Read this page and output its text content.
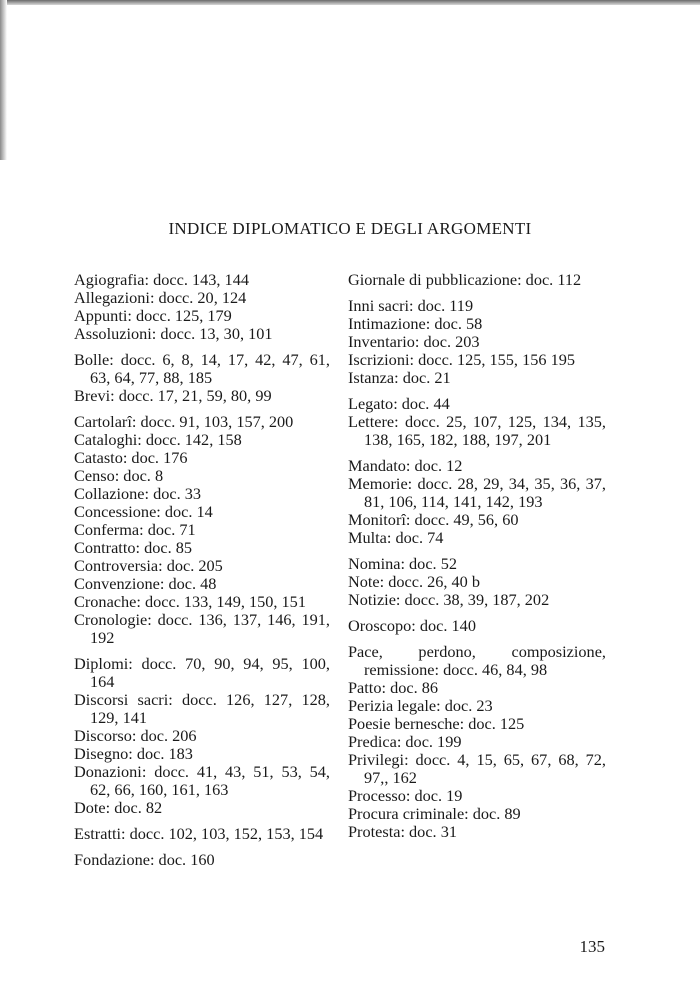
INDICE DIPLOMATICO E DEGLI ARGOMENTI
Agiografia: docc. 143, 144
Allegazioni: docc. 20, 124
Appunti: docc. 125, 179
Assoluzioni: docc. 13, 30, 101
Bolle: docc. 6, 8, 14, 17, 42, 47, 61, 63, 64, 77, 88, 185
Brevi: docc. 17, 21, 59, 80, 99
Cartolarî: docc. 91, 103, 157, 200
Cataloghi: docc. 142, 158
Catasto: doc. 176
Censo: doc. 8
Collazione: doc. 33
Concessione: doc. 14
Conferma: doc. 71
Contratto: doc. 85
Controversia: doc. 205
Convenzione: doc. 48
Cronache: docc. 133, 149, 150, 151
Cronologie: docc. 136, 137, 146, 191, 192
Diplomi: docc. 70, 90, 94, 95, 100, 164
Discorsi sacri: docc. 126, 127, 128, 129, 141
Discorso: doc. 206
Disegno: doc. 183
Donazioni: docc. 41, 43, 51, 53, 54, 62, 66, 160, 161, 163
Dote: doc. 82
Estratti: docc. 102, 103, 152, 153, 154
Fondazione: doc. 160
Giornale di pubblicazione: doc. 112
Inni sacri: doc. 119
Intimazione: doc. 58
Inventario: doc. 203
Iscrizioni: docc. 125, 155, 156 195
Istanza: doc. 21
Legato: doc. 44
Lettere: docc. 25, 107, 125, 134, 135, 138, 165, 182, 188, 197, 201
Mandato: doc. 12
Memorie: docc. 28, 29, 34, 35, 36, 37, 81, 106, 114, 141, 142, 193
Monitorî: docc. 49, 56, 60
Multa: doc. 74
Nomina: doc. 52
Note: docc. 26, 40 b
Notizie: docc. 38, 39, 187, 202
Oroscopo: doc. 140
Pace, perdono, composizione, remissione: docc. 46, 84, 98
Patto: doc. 86
Perizia legale: doc. 23
Poesie bernesche: doc. 125
Predica: doc. 199
Privilegi: docc. 4, 15, 65, 67, 68, 72, 97,, 162
Processo: doc. 19
Procura criminale: doc. 89
Protesta: doc. 31
135
